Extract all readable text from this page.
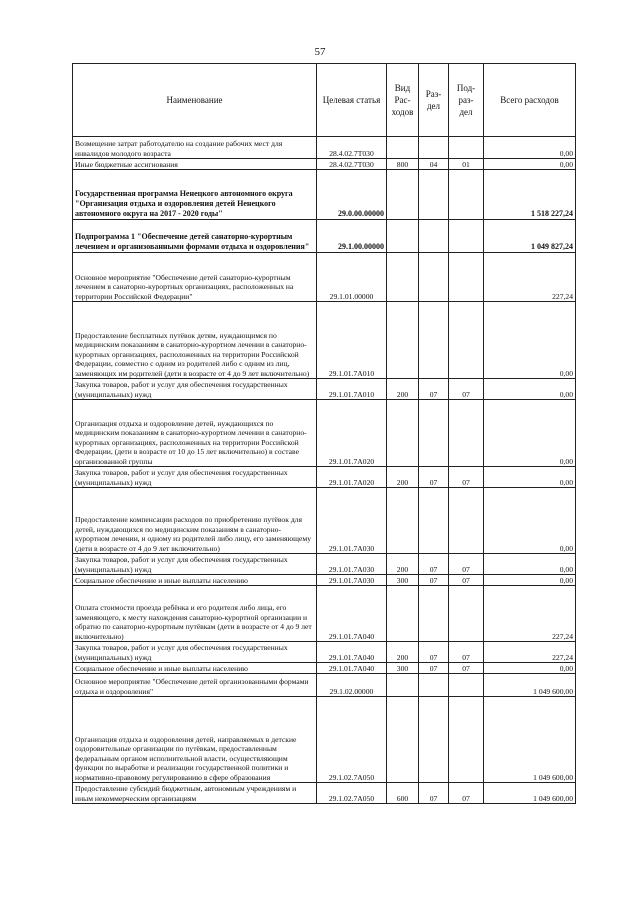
57
Наименование	Целевая статья	Вид Рас- ходов	Раз- дел	Под- раз- дел	Всего расходов
Возмещение затрат работодателю на создание рабочих мест для инвалидов молодого возраста	28.4.02.7Т030				0,00
Иные бюджетные ассигнования	28.4.02.7Т030	800	04	01	0,00
Государственная программа Ненецкого автономного округа "Организация отдыха и оздоровления детей Ненецкого автономного округа на 2017 - 2020 годы"	29.0.00.00000				1 518 227,24
Подпрограмма 1 "Обеспечение детей санаторно-курортным лечением и организованными формами отдыха и оздоровления"	29.1.00.00000				1 049 827,24
Основное мероприятие "Обеспечение детей санаторно-курортным лечением в санаторно-курортных организациях, расположенных на территории Российской Федерации"	29.1.01.00000				227,24
Предоставление бесплатных путёвок детям, нуждающимся по медицинским показаниям в санаторно-курортном лечении в санаторно-курортных организациях, расположенных на территории Российской Федерации, совместно с одним из родителей либо с одним из лиц, заменяющих им родителей (дети в возрасте от 4 до 9 лет включительно)	29.1.01.7А010				0,00
Закупка товаров, работ и услуг для обеспечения государственных (муниципальных) нужд	29.1.01.7А010	200	07	07	0,00
Организация отдыха и оздоровление детей, нуждающихся по медицинским показаниям в санаторно-курортном лечении в санаторно-курортных организациях, расположенных на территории Российской Федерации, (дети в возрасте от 10 до 15 лет включительно) в составе организованной группы	29.1.01.7А020				0,00
Закупка товаров, работ и услуг для обеспечения государственных (муниципальных) нужд	29.1.01.7А020	200	07	07	0,00
Предоставление компенсации расходов по приобретению путёвок для детей, нуждающихся по медицинским показаниям в санаторно-курортном лечении, и одному из родителей либо лицу, его заменяющему (дети в возрасте от 4 до 9 лет включительно)	29.1.01.7А030				0,00
Закупка товаров, работ и услуг для обеспечения государственных (муниципальных) нужд	29.1.01.7А030	200	07	07	0,00
Социальное обеспечение и иные выплаты населению	29.1.01.7А030	300	07	07	0,00
Оплата стоимости проезда ребёнка и его родителя либо лица, его заменяющего, к месту нахождения санаторно-курортной организации и обратно по санаторно-курортным путёвкам (дети в возрасте от 4 до 9 лет включительно)	29.1.01.7А040				227,24
Закупка товаров, работ и услуг для обеспечения государственных (муниципальных) нужд	29.1.01.7А040	200	07	07	227,24
Социальное обеспечение и иные выплаты населению	29.1.01.7А040	300	07	07	0,00
Основное мероприятие "Обеспечение детей организованными формами отдыха и оздоровления"	29.1.02.00000				1 049 600,00
Организация отдыха и оздоровления детей, направляемых в детские оздоровительные организации по путёвкам, предоставленным федеральным органом исполнительной власти, осуществляющим функции по выработке и реализации государственной политики и нормативно-правовому регулированию в сфере образования	29.1.02.7А050				1 049 600,00
Предоставление субсидий бюджетным, автономным учреждениям и иным некоммерческим организациям	29.1.02.7А050	600	07	07	1 049 600,00
